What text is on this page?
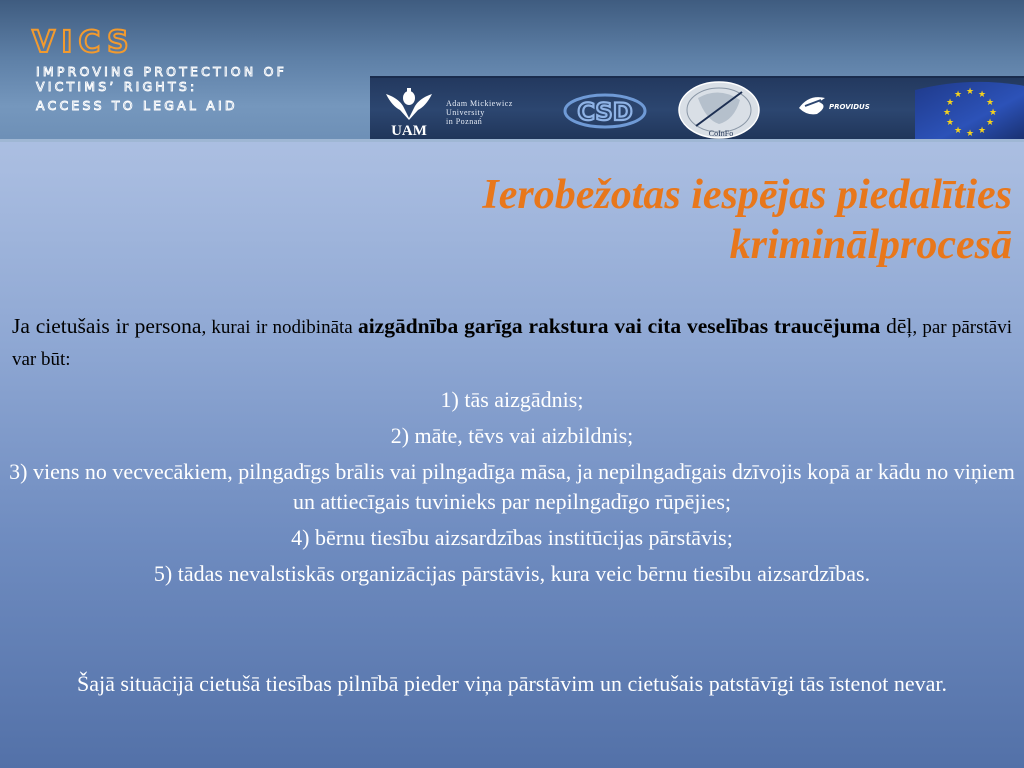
VICS
IMPROVING PROTECTION OF
VICTIMS’ RIGHTS:
ACCESS TO LEGAL AID
UAM
Adam Mickiewicz
University
in Poznań	CSD
CoInFo
PROVIDUS
★ ★
★
★
★
★
★
★
★
★
★
★
Ierobežotas iespējas piedalīties
kriminālprocesā

Ja cietušais ir persona, kurai ir nodibināta aizgādnība garīga rakstura vai cita veselības traucējuma dēļ, par pārstāvi var būt:

1) tās aizgādnis;
2) māte, tēvs vai aizbildnis;
3) viens no vecvecākiem, pilngadīgs brālis vai pilngadīga māsa, ja nepilngadīgais dzīvojis kopā ar kādu no viņiem un attiecīgais tuvinieks par nepilngadīgo rūpējies;
4) bērnu tiesību aizsardzības institūcijas pārstāvis;
5) tādas nevalstiskās organizācijas pārstāvis, kura veic bērnu tiesību aizsardzības.

Šajā situācijā cietušā tiesības pilnībā pieder viņa pārstāvim un cietušais patstāvīgi tās īstenot nevar.
